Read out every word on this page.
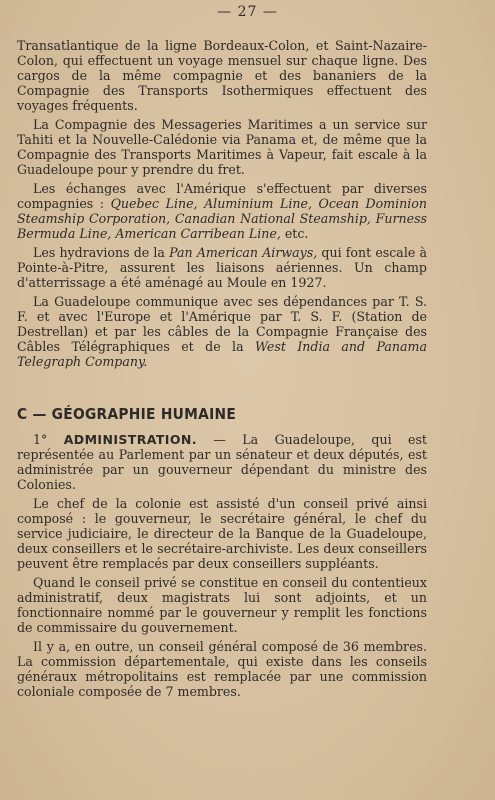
— 27 —

Transatlantique de la ligne Bordeaux-Colon, et Saint-Nazaire-Colon, qui effectuent un voyage mensuel sur chaque ligne. Des cargos de la même compagnie et des bananiers de la Compagnie des Transports Isothermiques effectuent des voyages fréquents.

La Compagnie des Messageries Maritimes a un service sur Tahiti et la Nouvelle-Calédonie via Panama et, de même que la Compagnie des Transports Maritimes à Vapeur, fait escale à la Guadeloupe pour y prendre du fret.

Les échanges avec l'Amérique s'effectuent par diverses compagnies : Quebec Line, Aluminium Line, Ocean Dominion Steamship Corporation, Canadian National Steamship, Furness Bermuda Line, American Carribean Line, etc.

Les hydravions de la Pan American Airways, qui font escale à Pointe-à-Pitre, assurent les liaisons aériennes. Un champ d'atterrissage a été aménagé au Moule en 1927.

La Guadeloupe communique avec ses dépendances par T. S. F. et avec l'Europe et l'Amérique par T. S. F. (Station de Destrellan) et par les câbles de la Compagnie Française des Câbles Télégraphiques et de la West India and Panama Telegraph Company.

C — GÉOGRAPHIE HUMAINE

1° ADMINISTRATION. — La Guadeloupe, qui est représentée au Parlement par un sénateur et deux députés, est administrée par un gouverneur dépendant du ministre des Colonies.

Le chef de la colonie est assisté d'un conseil privé ainsi composé : le gouverneur, le secrétaire général, le chef du service judiciaire, le directeur de la Banque de la Guadeloupe, deux conseillers et le secrétaire-archiviste. Les deux conseillers peuvent être remplacés par deux conseillers suppléants.

Quand le conseil privé se constitue en conseil du contentieux administratif, deux magistrats lui sont adjoints, et un fonctionnaire nommé par le gouverneur y remplit les fonctions de commissaire du gouvernement.

Il y a, en outre, un conseil général composé de 36 membres. La commission départementale, qui existe dans les conseils généraux métropolitains est remplacée par une commission coloniale composée de 7 membres.
